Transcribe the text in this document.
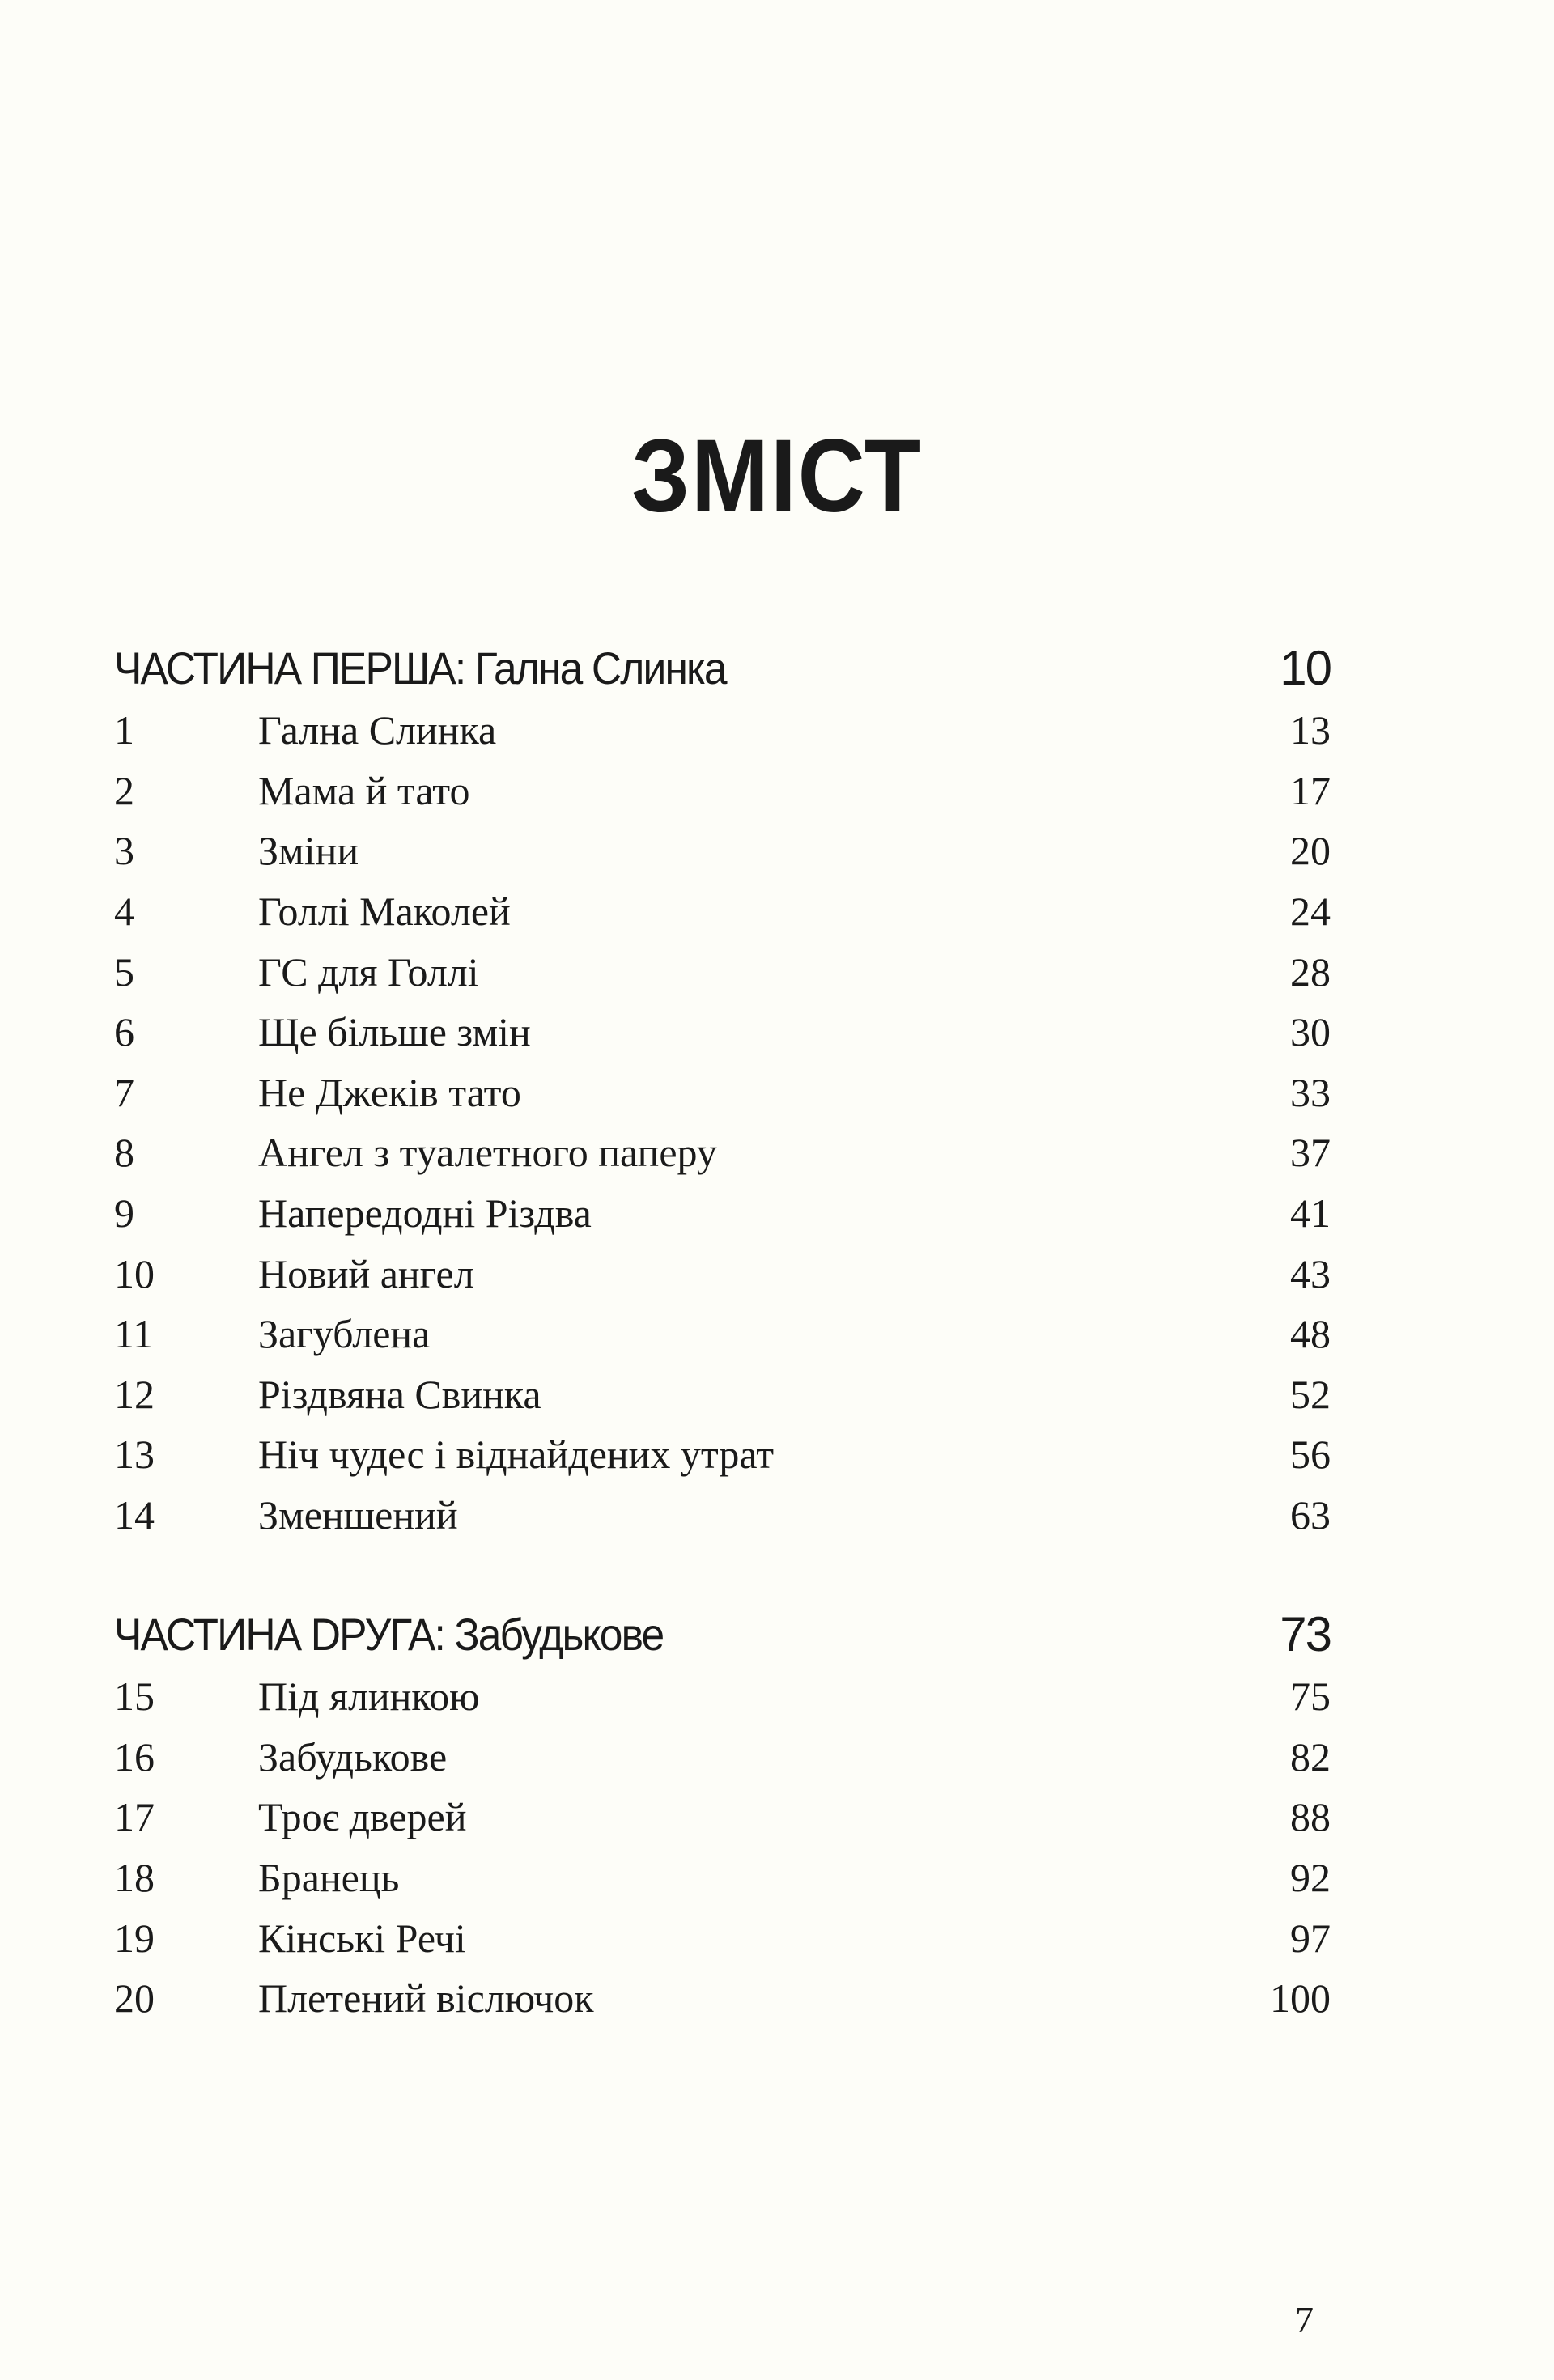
ЗМІСТ
ЧАСТИНА ПЕРША: Гална Слинка	10
1	Гална Слинка	13
2	Мама й тато	17
3	Зміни	20
4	Голлі Маколей	24
5	ГС для Голлі	28
6	Ще більше змін	30
7	Не Джеків тато	33
8	Ангел з туалетного паперу	37
9	Напередодні Різдва	41
10	Новий ангел	43
11	Загублена	48
12	Різдвяна Свинка	52
13	Ніч чудес і віднайдених утрат	56
14	Зменшений	63
ЧАСТИНА DРУГА: Забудькове	73
15	Під ялинкою	75
16	Забудькове	82
17	Троє дверей	88
18	Бранець	92
19	Кінські Речі	97
20	Плетений віслючок	100
7
